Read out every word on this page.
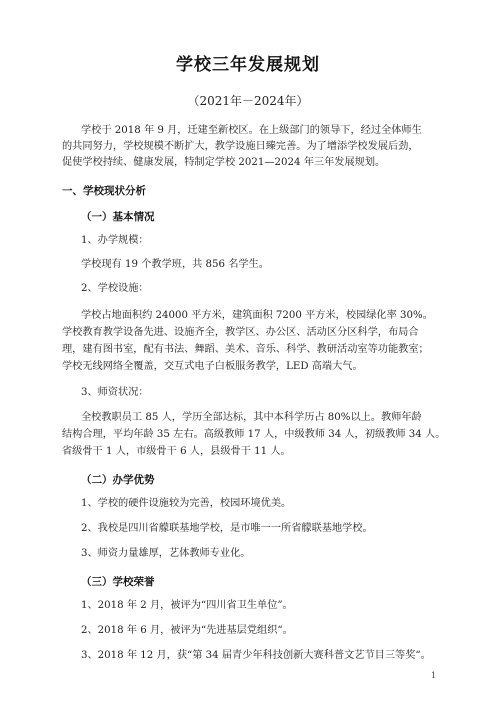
学校三年发展规划
（2021年－2024年）
学校于 2018 年 9 月，迁建至新校区。在上级部门的领导下，经过全体师生
的共同努力，学校规模不断扩大，教学设施日臻完善。为了增添学校发展后劲，
促使学校持续、健康发展，特制定学校 2021—2024 年三年发展规划。
一、学校现状分析
（一）基本情况
1、办学规模：
学校现有 19 个教学班，共 856 名学生。
2、学校设施：
学校占地面积约 24000 平方米，建筑面积 7200 平方米，校园绿化率 30%。
学校教育教学设备先进、设施齐全，教学区、办公区、活动区分区科学，布局合
理，建有图书室，配有书法、舞蹈、美术、音乐、科学、教研活动室等功能教室；
学校无线网络全覆盖，交互式电子白板服务教学，LED 高端大气。
3、师资状况：
全校教职员工 85 人，学历全部达标，其中本科学历占 80%以上。教师年龄
结构合理，平均年龄 35 左右。高级教师 17 人，中级教师 34 人，初级教师 34 人。
省级骨干 1 人，市级骨干 6 人，县级骨干 11 人。
（二）办学优势
1、学校的硬件设施较为完善，校园环境优美。
2、我校是四川省艨联基地学校，是市唯一一所省艨联基地学校。
3、师资力量雄厚，艺体教师专业化。
（三）学校荣誉
1、2018 年 2 月，被评为“四川省卫生单位”。
2、2018 年 6 月，被评为“先进基层党组织“。
3、2018 年 12 月，获“第 34 届青少年科技创新大赛科普文艺节目三等奖“。
1
